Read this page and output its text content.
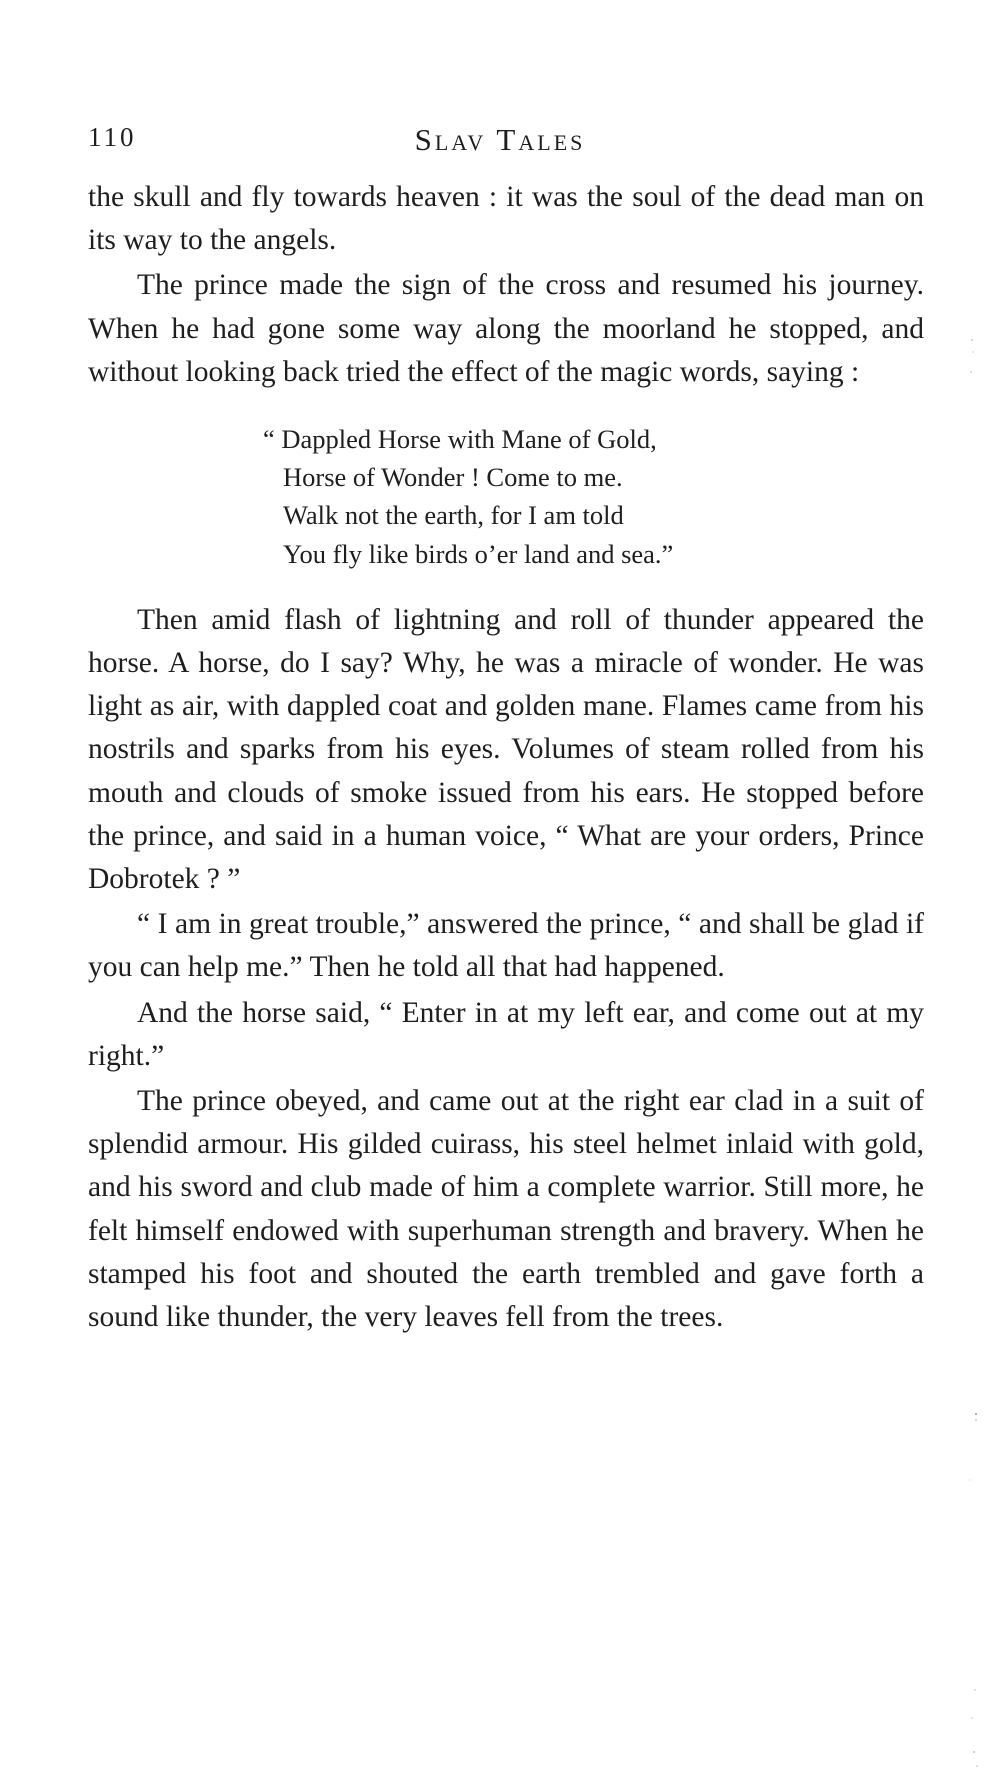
110	Slav Tales

the skull and fly towards heaven : it was the soul of the dead man on its way to the angels.

The prince made the sign of the cross and resumed his journey. When he had gone some way along the moorland he stopped, and without looking back tried the effect of the magic words, saying :

“ Dappled Horse with Mane of Gold,
Horse of Wonder ! Come to me.
Walk not the earth, for I am told
You fly like birds o’er land and sea.”

Then amid flash of lightning and roll of thunder appeared the horse. A horse, do I say? Why, he was a miracle of wonder. He was light as air, with dappled coat and golden mane. Flames came from his nostrils and sparks from his eyes. Volumes of steam rolled from his mouth and clouds of smoke issued from his ears. He stopped before the prince, and said in a human voice, “ What are your orders, Prince Dobrotek ? ”

“ I am in great trouble,” answered the prince, “ and shall be glad if you can help me.” Then he told all that had happened.

And the horse said, “ Enter in at my left ear, and come out at my right.”

The prince obeyed, and came out at the right ear clad in a suit of splendid armour. His gilded cuirass, his steel helmet inlaid with gold, and his sword and club made of him a complete warrior. Still more, he felt himself endowed with superhuman strength and bravery. When he stamped his foot and shouted the earth trembled and gave forth a sound like thunder, the very leaves fell from the trees.
